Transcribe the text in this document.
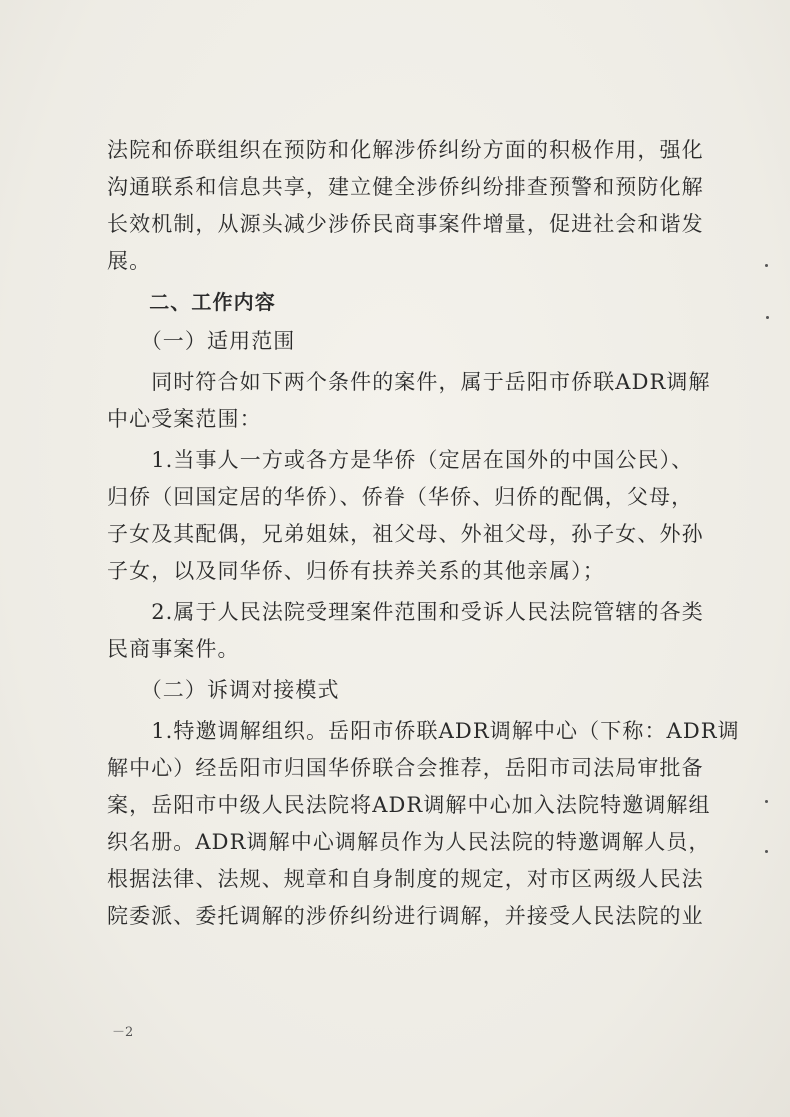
法院和侨联组织在预防和化解涉侨纠纷方面的积极作用，强化
沟通联系和信息共享，建立健全涉侨纠纷排查预警和预防化解
长效机制，从源头减少涉侨民商事案件增量，促进社会和谐发
展。
　　二、工作内容
　　（一）适用范围
　　同时符合如下两个条件的案件，属于岳阳市侨联ADR调解
中心受案范围：
　　1.当事人一方或各方是华侨（定居在国外的中国公民）、
归侨（回国定居的华侨）、侨眷（华侨、归侨的配偶，父母，
子女及其配偶，兄弟姐妹，祖父母、外祖父母，孙子女、外孙
子女，以及同华侨、归侨有扶养关系的其他亲属）；
　　2.属于人民法院受理案件范围和受诉人民法院管辖的各类
民商事案件。
　　（二）诉调对接模式
　　1.特邀调解组织。岳阳市侨联ADR调解中心（下称：ADR调
解中心）经岳阳市归国华侨联合会推荐，岳阳市司法局审批备
案，岳阳市中级人民法院将ADR调解中心加入法院特邀调解组
织名册。ADR调解中心调解员作为人民法院的特邀调解人员，
根据法律、法规、规章和自身制度的规定，对市区两级人民法
院委派、委托调解的涉侨纠纷进行调解，并接受人民法院的业
－2
